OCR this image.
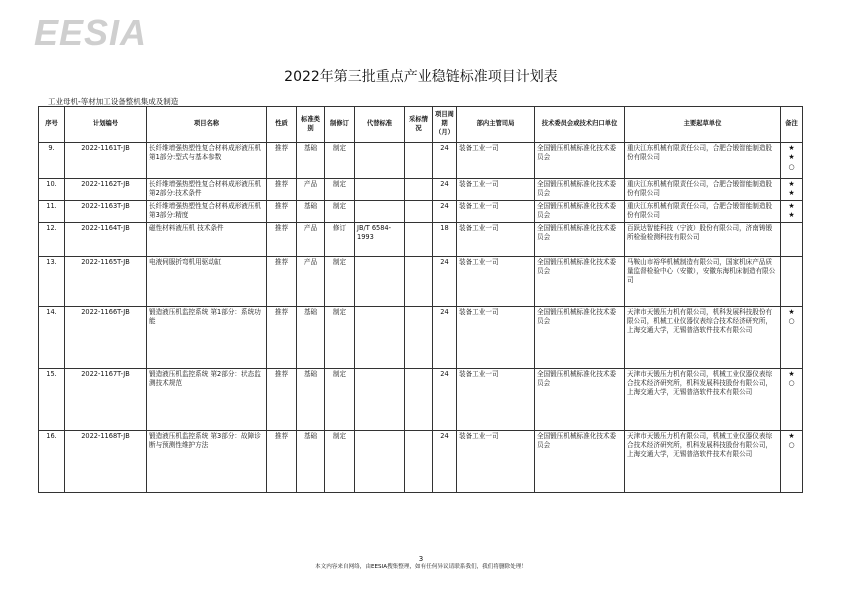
EESIA
2022年第三批重点产业稳链标准项目计划表
工业母机-等材加工设备整机集成及制造
序号	计划编号	项目名称	性质	标准类别	制修订	代替标准	采标情况	项目周期（月）	部内主管司局	技术委员会或技术归口单位	主要起草单位	备注
9.	2022-1161T-JB	长纤维增强热塑性复合材料成形液压机 第1部分:型式与基本参数	推荐	基础	制定			24	装备工业一司	全国锻压机械标准化技术委员会	重庆江东机械有限责任公司，合肥合锻智能制造股份有限公司	★
★
○
10.	2022-1162T-JB	长纤维增强热塑性复合材料成形液压机 第2部分:技术条件	推荐	产品	制定			24	装备工业一司	全国锻压机械标准化技术委员会	重庆江东机械有限责任公司，合肥合锻智能制造股份有限公司	★
★
11.	2022-1163T-JB	长纤维增强热塑性复合材料成形液压机 第3部分:精度	推荐	基础	制定			24	装备工业一司	全国锻压机械标准化技术委员会	重庆江东机械有限责任公司，合肥合锻智能制造股份有限公司	★
★
12.	2022-1164T-JB	磁性材料液压机 技术条件	推荐	产品	修订	JB/T 6584-1993		18	装备工业一司	全国锻压机械标准化技术委员会	百跃达智能科技（宁波）股份有限公司，济南铸锻所检验检测科技有限公司	
13.	2022-1165T-JB	电液伺服折弯机用驱动缸	推荐	产品	制定			24	装备工业一司	全国锻压机械标准化技术委员会	马鞍山市裕华机械制造有限公司，国家机床产品质量监督检验中心（安徽），安徽东海机床制造有限公司	
14.	2022-1166T-JB	锻造液压机监控系统 第1部分：系统功能	推荐	基础	制定			24	装备工业一司	全国锻压机械标准化技术委员会	天津市天锻压力机有限公司，机科发展科技股份有限公司，机械工业仪器仪表综合技术经济研究所，上海交通大学，无锡普洛软件技术有限公司	★
○
15.	2022-1167T-JB	锻造液压机监控系统 第2部分：状态监测技术规范	推荐	基础	制定			24	装备工业一司	全国锻压机械标准化技术委员会	天津市天锻压力机有限公司，机械工业仪器仪表综合技术经济研究所，机科发展科技股份有限公司，上海交通大学，无锡普洛软件技术有限公司	★
○
16.	2022-1168T-JB	锻造液压机监控系统 第3部分：故障诊断与预测性维护方法	推荐	基础	制定			24	装备工业一司	全国锻压机械标准化技术委员会	天津市天锻压力机有限公司，机械工业仪器仪表综合技术经济研究所，机科发展科技股份有限公司，上海交通大学，无锡普洛软件技术有限公司	★
○
3
本文内容来自网络，由EESIA搜集整理，如有任何异议请联系我们，我们将删除处理！
